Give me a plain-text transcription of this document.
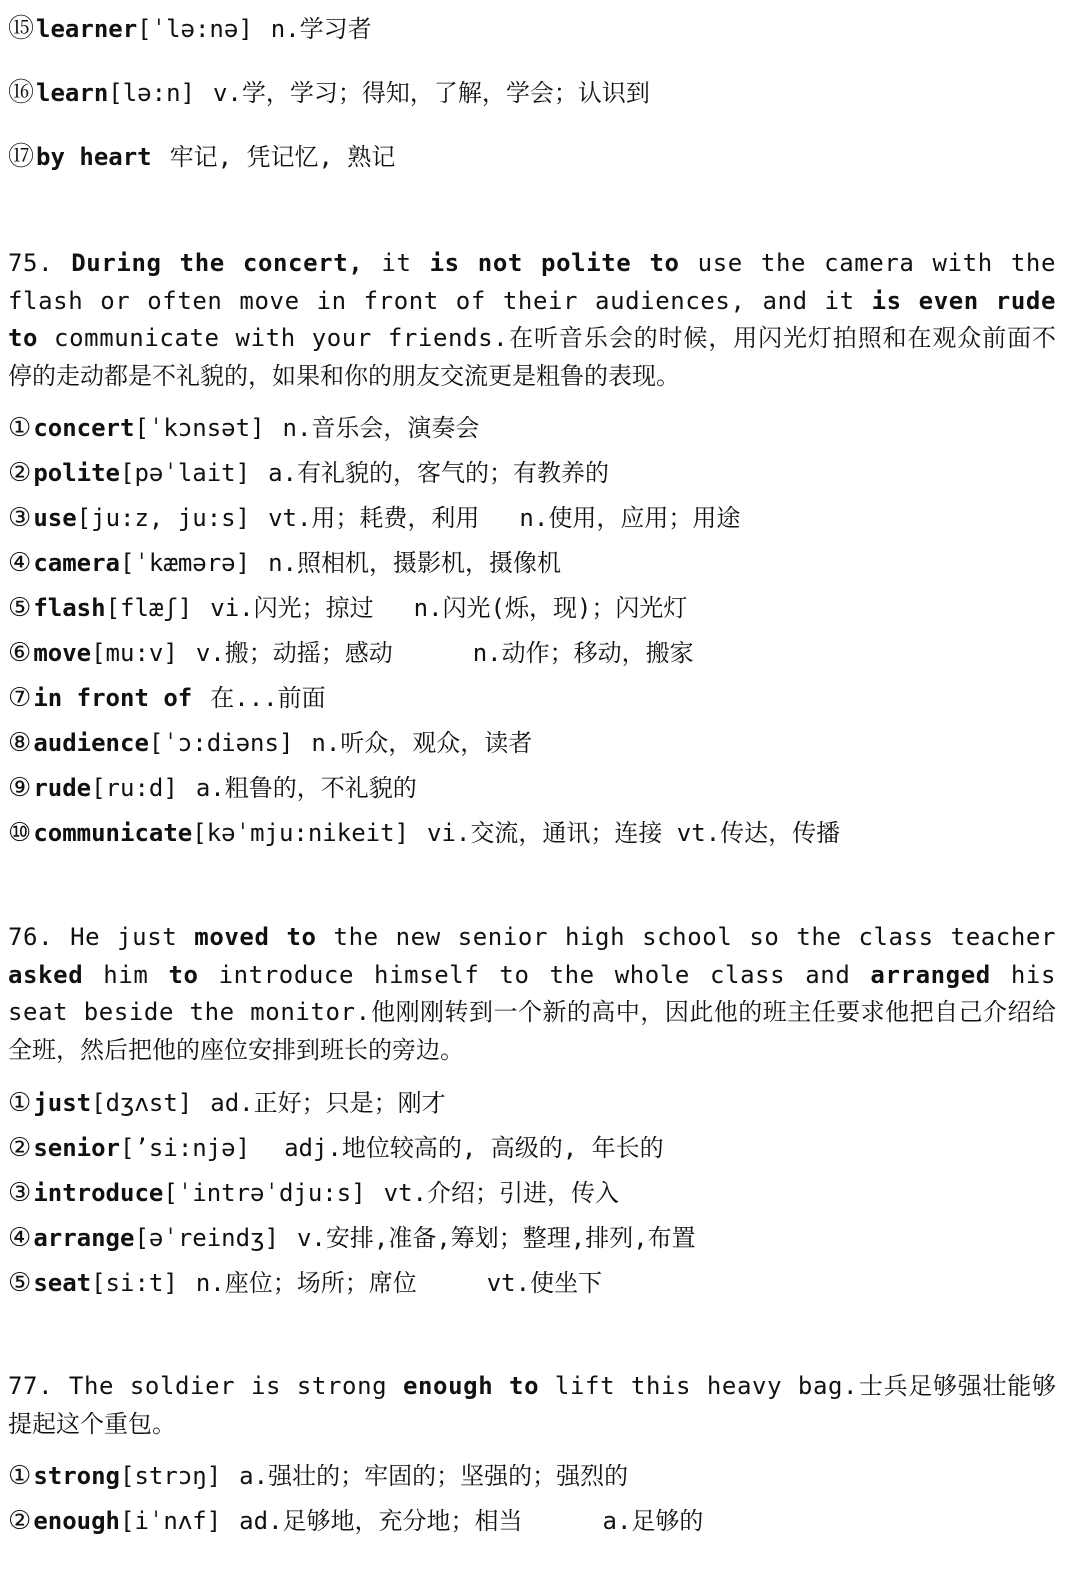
⑮learner[ˈlə:nə] n.学习者
⑯learn[lə:n] v.学，学习；得知，了解，学会；认识到
⑰by heart 牢记, 凭记忆, 熟记
75. During the concert, it is not polite to use the camera with the flash or often move in front of their audiences, and it is even rude to communicate with your friends.在听音乐会的时候，用闪光灯拍照和在观众前面不停的走动都是不礼貌的，如果和你的朋友交流更是粗鲁的表现。
①concert[ˈkɔnsət] n.音乐会，演奏会
②polite[pəˈlait] a.有礼貌的，客气的；有教养的
③use[ju:z, ju:s] vt.用；耗费，利用 n.使用，应用；用途
④camera[ˈkæmərə] n.照相机，摄影机，摄像机
⑤flash[flæʃ] vi.闪光；掠过 n.闪光(烁，现)；闪光灯
⑥move[mu:v] v.搬；动摇；感动	n.动作；移动，搬家
⑦in front of 在...前面
⑧audience[ˈɔ:diəns] n.听众，观众，读者
⑨rude[ru:d] a.粗鲁的，不礼貌的
⑩communicate[kəˈmju:nikeit] vi.交流，通讯；连接 vt.传达，传播
76. He just moved to the new senior high school so the class teacher asked him to introduce himself to the whole class and arranged his seat beside the monitor.他刚刚转到一个新的高中，因此他的班主任要求他把自己介绍给全班，然后把他的座位安排到班长的旁边。
①just[dʒʌst] ad.正好；只是；刚才
②senior[’si:njə] adj.地位较高的, 高级的, 年长的
③introduce[ˈintrəˈdju:s] vt.介绍；引进，传入
④arrange[əˈreindʒ] v.安排,准备,筹划；整理,排列,布置
⑤seat[si:t] n.座位；场所；席位	vt.使坐下
77. The soldier is strong enough to lift this heavy bag.士兵足够强壮能够提起这个重包。
①strong[strɔŋ] a.强壮的；牢固的；坚强的；强烈的
②enough[iˈnʌf] ad.足够地，充分地；相当	a.足够的
